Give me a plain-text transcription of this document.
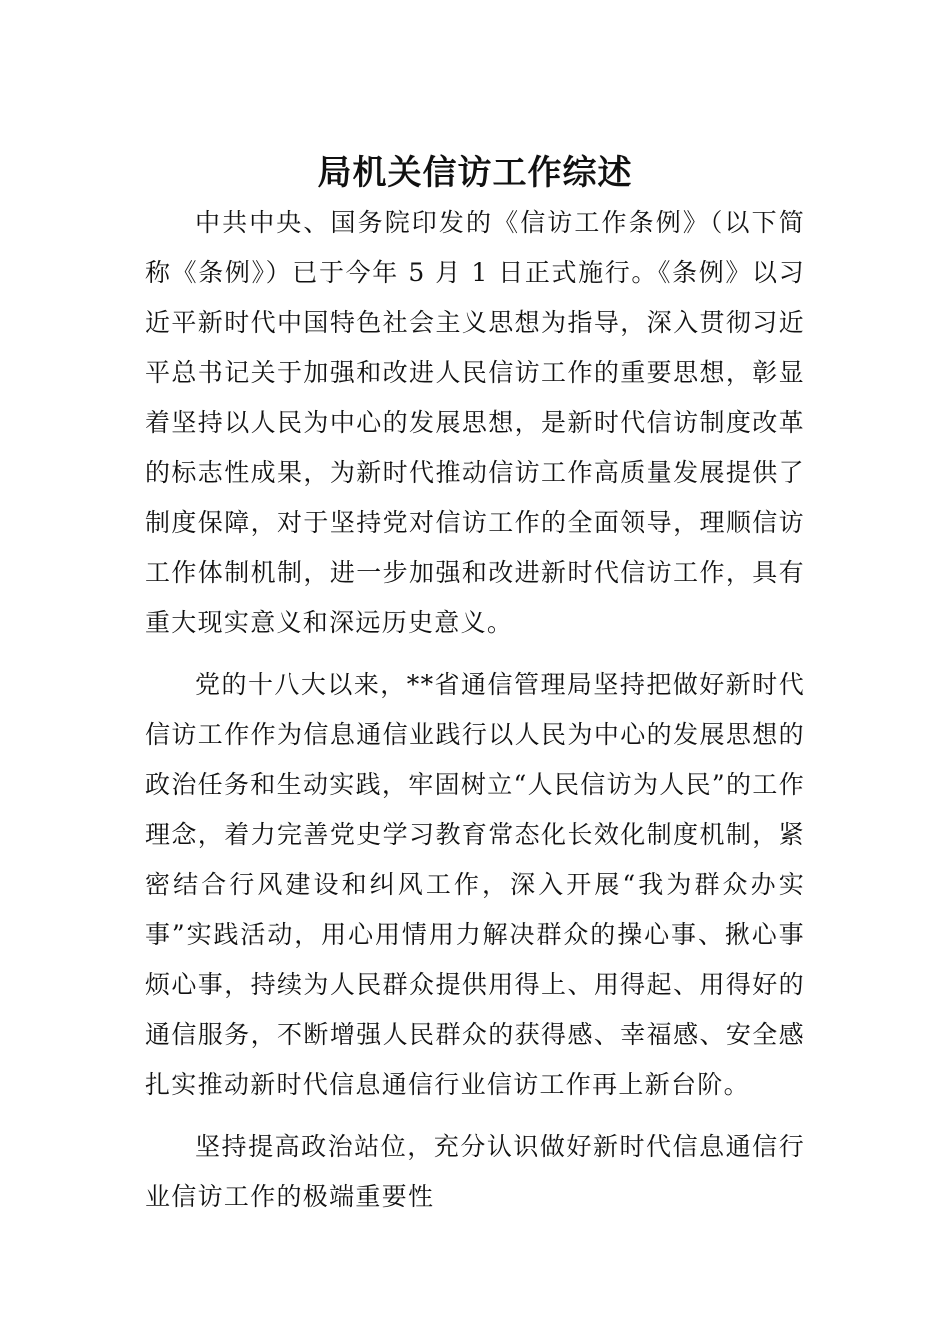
局机关信访工作综述

中共中央、国务院印发的《信访工作条例》（以下简称《条例》）已于今年 5 月 1 日正式施行。《条例》以习近平新时代中国特色社会主义思想为指导，深入贯彻习近平总书记关于加强和改进人民信访工作的重要思想，彰显着坚持以人民为中心的发展思想，是新时代信访制度改革的标志性成果，为新时代推动信访工作高质量发展提供了制度保障，对于坚持党对信访工作的全面领导，理顺信访工作体制机制，进一步加强和改进新时代信访工作，具有重大现实意义和深远历史意义。

党的十八大以来，**省通信管理局坚持把做好新时代信访工作作为信息通信业践行以人民为中心的发展思想的政治任务和生动实践，牢固树立“人民信访为人民”的工作理念，着力完善党史学习教育常态化长效化制度机制，紧密结合行风建设和纠风工作，深入开展“我为群众办实事”实践活动，用心用情用力解决群众的操心事、揪心事烦心事，持续为人民群众提供用得上、用得起、用得好的通信服务，不断增强人民群众的获得感、幸福感、安全感扎实推动新时代信息通信行业信访工作再上新台阶。

坚持提高政治站位，充分认识做好新时代信息通信行业信访工作的极端重要性
